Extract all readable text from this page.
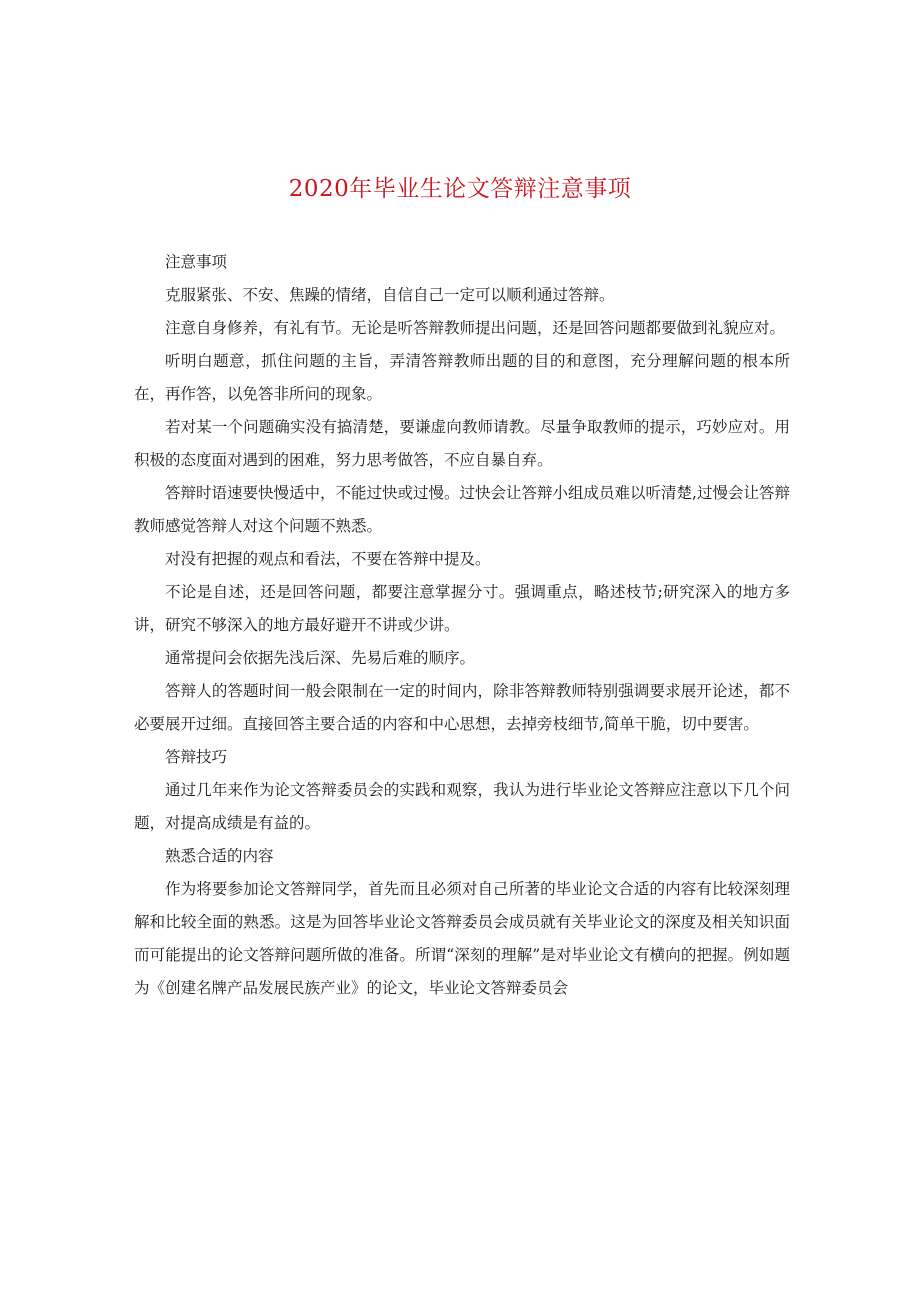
2020年毕业生论文答辩注意事项

注意事项

克服紧张、不安、焦躁的情绪，自信自己一定可以顺利通过答辩。

注意自身修养，有礼有节。无论是听答辩教师提出问题，还是回答问题都要做到礼貌应对。

听明白题意，抓住问题的主旨，弄清答辩教师出题的目的和意图，充分理解问题的根本所在，再作答，以免答非所问的现象。

若对某一个问题确实没有搞清楚，要谦虚向教师请教。尽量争取教师的提示，巧妙应对。用积极的态度面对遇到的困难，努力思考做答，不应自暴自弃。

答辩时语速要快慢适中，不能过快或过慢。过快会让答辩小组成员难以听清楚,过慢会让答辩教师感觉答辩人对这个问题不熟悉。

对没有把握的观点和看法，不要在答辩中提及。

不论是自述，还是回答问题，都要注意掌握分寸。强调重点，略述枝节;研究深入的地方多讲，研究不够深入的地方最好避开不讲或少讲。

通常提问会依据先浅后深、先易后难的顺序。

答辩人的答题时间一般会限制在一定的时间内，除非答辩教师特别强调要求展开论述，都不必要展开过细。直接回答主要合适的内容和中心思想，去掉旁枝细节,简单干脆，切中要害。

答辩技巧

通过几年来作为论文答辩委员会的实践和观察，我认为进行毕业论文答辩应注意以下几个问题，对提高成绩是有益的。

熟悉合适的内容

作为将要参加论文答辩同学，首先而且必须对自己所著的毕业论文合适的内容有比较深刻理解和比较全面的熟悉。这是为回答毕业论文答辩委员会成员就有关毕业论文的深度及相关知识面而可能提出的论文答辩问题所做的准备。所谓“深刻的理解”是对毕业论文有横向的把握。例如题为《创建名牌产品发展民族产业》的论文，毕业论文答辩委员会
